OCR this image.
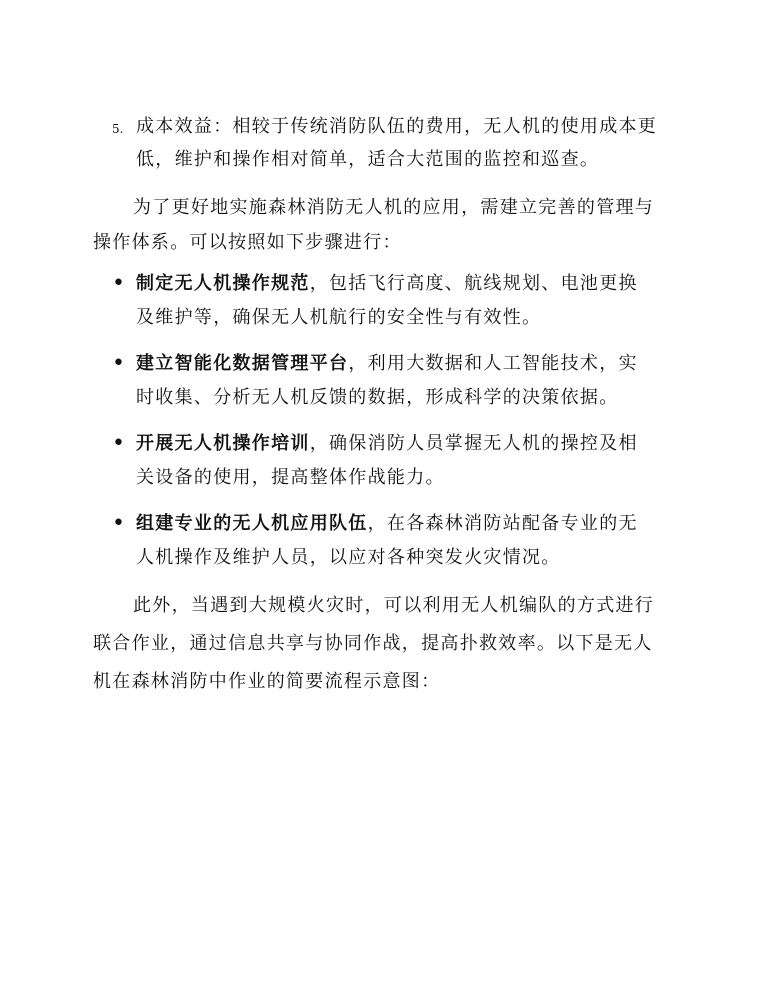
5. 成本效益：相较于传统消防队伍的费用，无人机的使用成本更
低，维护和操作相对简单，适合大范围的监控和巡查。
为了更好地实施森林消防无人机的应用，需建立完善的管理与
操作体系。可以按照如下步骤进行：
• 制定无人机操作规范，包括飞行高度、航线规划、电池更换
及维护等，确保无人机航行的安全性与有效性。
• 建立智能化数据管理平台，利用大数据和人工智能技术，实
时收集、分析无人机反馈的数据，形成科学的决策依据。
• 开展无人机操作培训，确保消防人员掌握无人机的操控及相
关设备的使用，提高整体作战能力。
• 组建专业的无人机应用队伍，在各森林消防站配备专业的无
人机操作及维护人员，以应对各种突发火灾情况。
此外，当遇到大规模火灾时，可以利用无人机编队的方式进行
联合作业，通过信息共享与协同作战，提高扑救效率。以下是无人
机在森林消防中作业的简要流程示意图：
